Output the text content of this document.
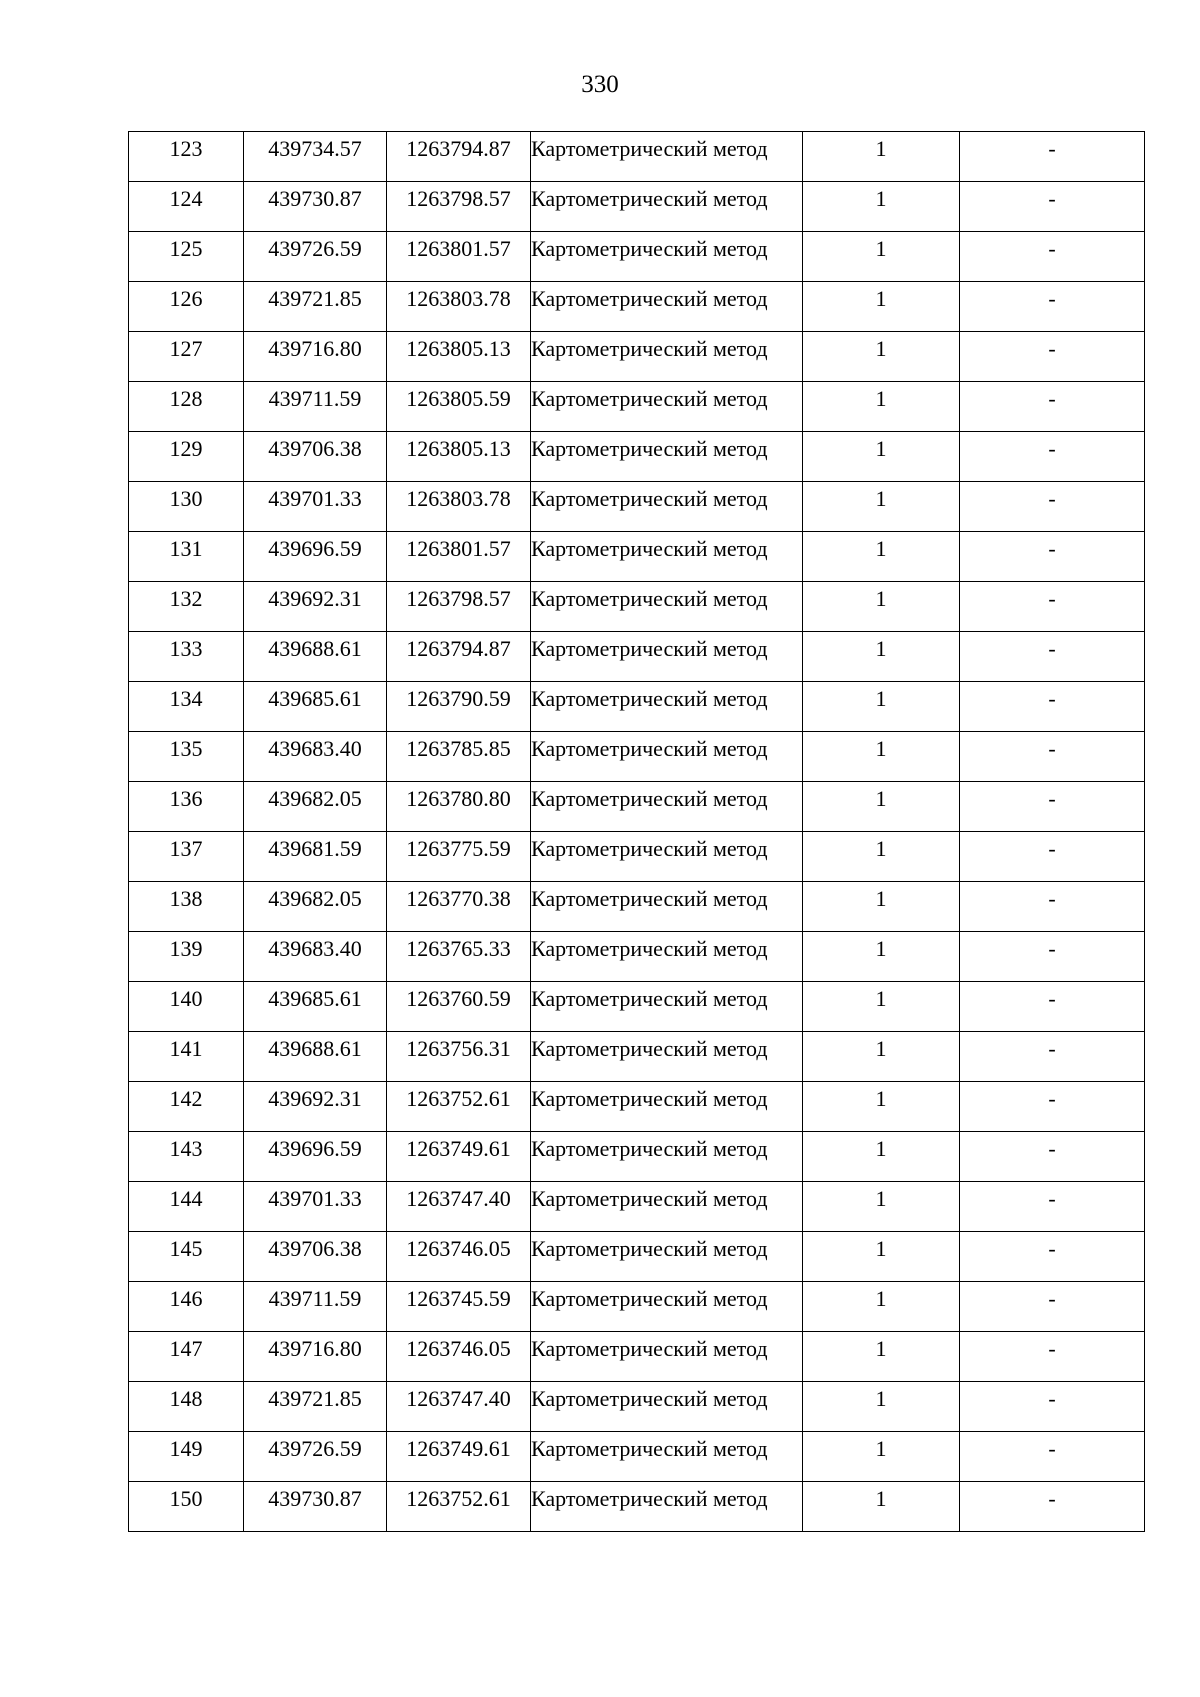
330
123	439734.57	1263794.87	Картометрический метод	1	-
124	439730.87	1263798.57	Картометрический метод	1	-
125	439726.59	1263801.57	Картометрический метод	1	-
126	439721.85	1263803.78	Картометрический метод	1	-
127	439716.80	1263805.13	Картометрический метод	1	-
128	439711.59	1263805.59	Картометрический метод	1	-
129	439706.38	1263805.13	Картометрический метод	1	-
130	439701.33	1263803.78	Картометрический метод	1	-
131	439696.59	1263801.57	Картометрический метод	1	-
132	439692.31	1263798.57	Картометрический метод	1	-
133	439688.61	1263794.87	Картометрический метод	1	-
134	439685.61	1263790.59	Картометрический метод	1	-
135	439683.40	1263785.85	Картометрический метод	1	-
136	439682.05	1263780.80	Картометрический метод	1	-
137	439681.59	1263775.59	Картометрический метод	1	-
138	439682.05	1263770.38	Картометрический метод	1	-
139	439683.40	1263765.33	Картометрический метод	1	-
140	439685.61	1263760.59	Картометрический метод	1	-
141	439688.61	1263756.31	Картометрический метод	1	-
142	439692.31	1263752.61	Картометрический метод	1	-
143	439696.59	1263749.61	Картометрический метод	1	-
144	439701.33	1263747.40	Картометрический метод	1	-
145	439706.38	1263746.05	Картометрический метод	1	-
146	439711.59	1263745.59	Картометрический метод	1	-
147	439716.80	1263746.05	Картометрический метод	1	-
148	439721.85	1263747.40	Картометрический метод	1	-
149	439726.59	1263749.61	Картометрический метод	1	-
150	439730.87	1263752.61	Картометрический метод	1	-
